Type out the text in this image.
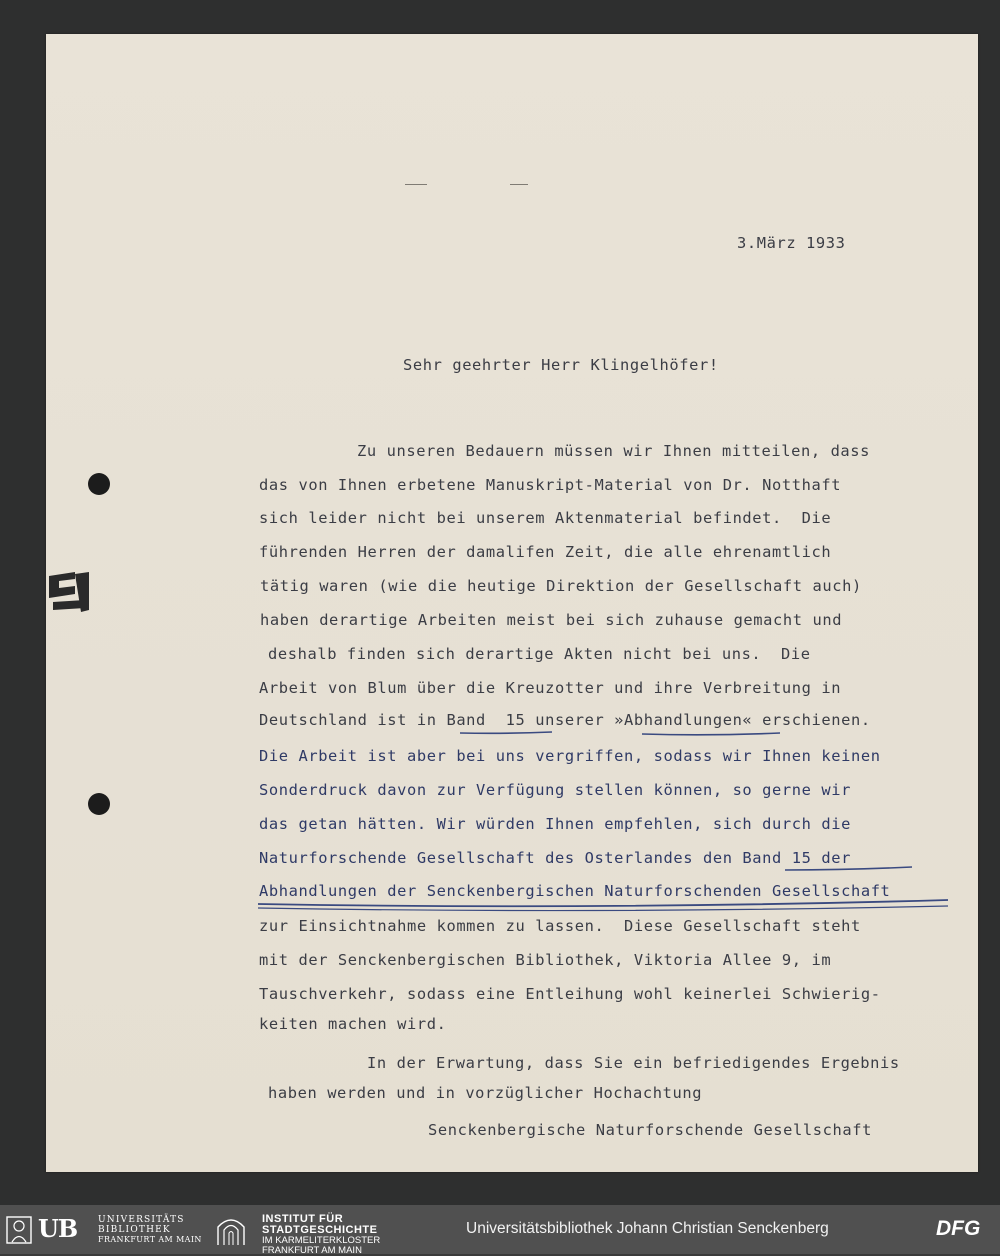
3.März 1933
Sehr geehrter Herr Klingelhöfer!
Zu unseren Bedauern müssen wir Ihnen mitteilen, dass
das von Ihnen erbetene Manuskript-Material von Dr. Notthaft
sich leider nicht bei unserem Aktenmaterial befindet.  Die
führenden Herren der damalifen Zeit, die alle ehrenamtlich
tätig waren (wie die heutige Direktion der Gesellschaft auch)
haben derartige Arbeiten meist bei sich zuhause gemacht und
deshalb finden sich derartige Akten nicht bei uns.  Die
Arbeit von Blum über die Kreuzotter und ihre Verbreitung in
Deutschland ist in Band  15 unserer »Abhandlungen« erschienen.
Die Arbeit ist aber bei uns vergriffen, sodass wir Ihnen keinen
Sonderdruck davon zur Verfügung stellen können, so gerne wir
das getan hätten. Wir würden Ihnen empfehlen, sich durch die
Naturforschende Gesellschaft des Osterlandes den Band 15 der
Abhandlungen der Senckenbergischen Naturforschenden Gesellschaft
zur Einsichtnahme kommen zu lassen.  Diese Gesellschaft steht
mit der Senckenbergischen Bibliothek, Viktoria Allee 9, im
Tauschverkehr, sodass eine Entleihung wohl keinerlei Schwierig-
keiten machen wird.
In der Erwartung, dass Sie ein befriedigendes Ergebnis
haben werden und in vorzüglicher Hochachtung
Senckenbergische Naturforschende Gesellschaft
UB UNIVERSITÄTS
BIBLIOTHEK
FRANKFURT AM MAIN
INSTITUT FÜR
STADTGESCHICHTE
IM KARMELITERKLOSTER
FRANKFURT AM MAIN
Universitätsbibliothek Johann Christian Senckenberg	DFG
